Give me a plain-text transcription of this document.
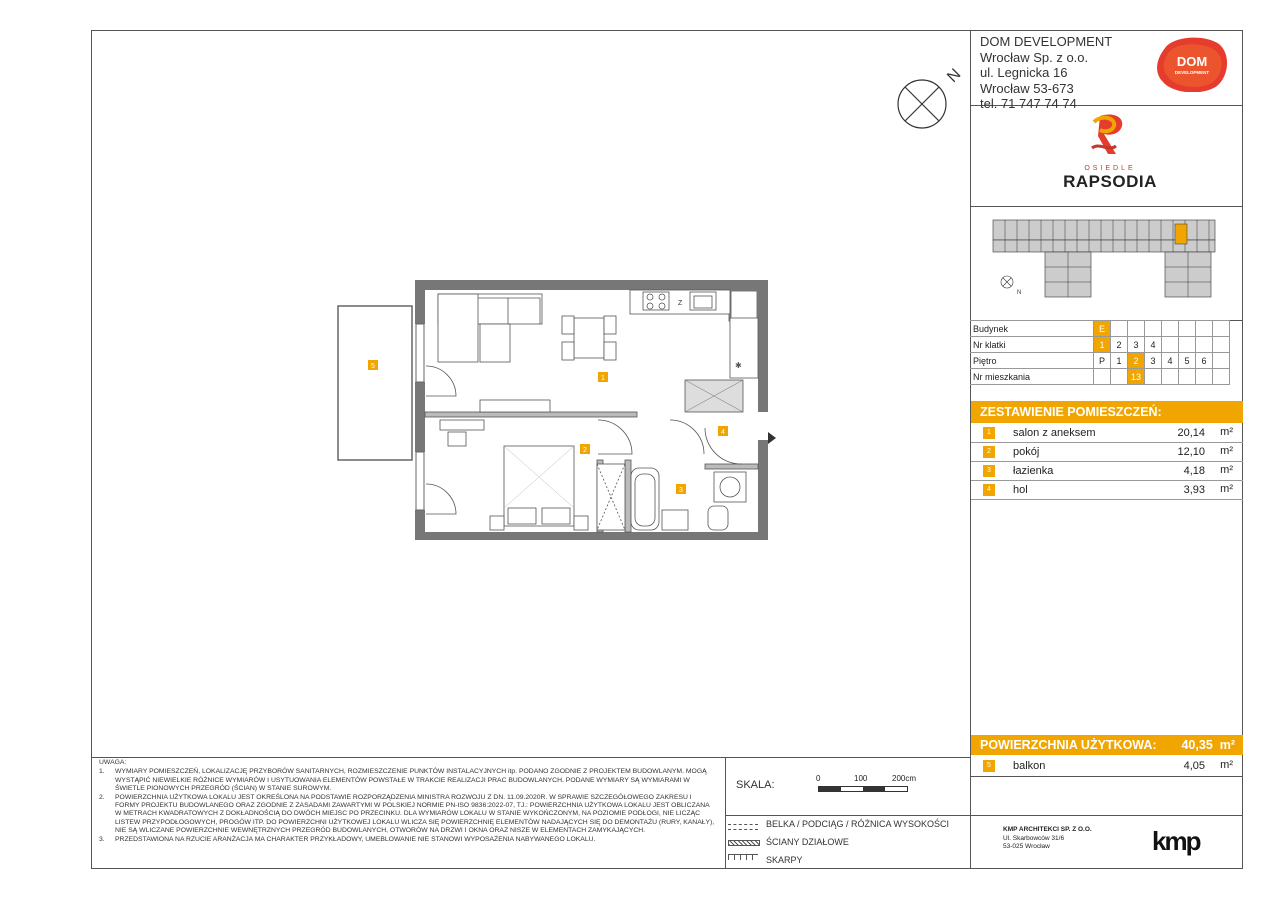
DOM DEVELOPMENT
Wrocław Sp. z o.o.
ul. Legnicka 16
Wrocław 53-673
tel. 71 747 74 74
DOM
DEVELOPMENT
OSIEDLE
RAPSODIA
N
Budynek	E							
Nr klatki	1	2	3	4				
Piętro	P	1	2	3	4	5	6	
Nr mieszkania			13					
ZESTAWIENIE POMIESZCZEŃ:
1	salon z aneksem	20,14 m²
2	pokój	12,10 m²
3	łazienka	4,18 m²
4	hol	3,93 m²
POWIERZCHNIA UŻYTKOWA: 40,35 m²
5	balkon	4,05 m²
N
Z
✱
5
1
2
3
4
UWAGA:
1.	WYMIARY POMIESZCZEŃ, LOKALIZACJĘ PRZYBORÓW SANITARNYCH, ROZMIESZCZENIE PUNKTÓW INSTALACYJNYCH itp. PODANO ZGODNIE Z PROJEKTEM BUDOWLANYM. MOGĄ WYSTĄPIĆ NIEWIELKIE RÓŻNICE WYMIARÓW I USYTUOWANIA ELEMENTÓW POWSTAŁE W TRAKCIE REALIZACJI PRAC BUDOWLANYCH. PODANE WYMIARY SĄ WYMIARAMI W ŚWIETLE PIONOWYCH PRZEGRÓD (ŚCIAN) W STANIE SUROWYM.
2.	POWIERZCHNIA UŻYTKOWA LOKALU JEST OKREŚLONA NA PODSTAWIE ROZPORZĄDZENIA MINISTRA ROZWOJU Z DN. 11.09.2020R. W SPRAWIE SZCZEGÓŁOWEGO ZAKRESU I FORMY PROJEKTU BUDOWLANEGO ORAZ ZGODNIE Z ZASADAMI ZAWARTYMI W POLSKIEJ NORMIE PN-ISO 9836:2022-07, TJ.: POWIERZCHNIA UŻYTKOWA LOKALU JEST OBLICZANA W METRACH KWADRATOWYCH Z DOKŁADNOŚCIĄ DO DWÓCH MIEJSC PO PRZECINKU. DLA WYMIARÓW LOKALU W STANIE WYKOŃCZONYM, NA POZIOMIE PODŁOGI, NIE LICZĄC LISTEW PRZYPODŁOGOWYCH, PROGÓW ITP. DO POWIERZCHNI UŻYTKOWEJ LOKALU WLICZA SIĘ POWIERZCHNIĘ ELEMENTÓW NADAJĄCYCH SIĘ DO DEMONTAŻU (RURY, KANAŁY), NIE SĄ WLICZANE POWIERZCHNIE WEWNĘTRZNYCH PRZEGRÓD BUDOWLANYCH, OTWORÓW NA DRZWI I OKNA ORAZ NISZE W ELEMENTACH ZAMYKAJĄCYCH.
3.	PRZEDSTAWIONA NA RZUCIE ARANŻACJA MA CHARAKTER PRZYKŁADOWY, UMEBLOWANIE NIE STANOWI WYPOSAŻENIA NABYWANEGO LOKALU.
SKALA:
0	100	200cm
BELKA / PODCIĄG / RÓŻNICA WYSOKOŚCI
ŚCIANY DZIAŁOWE
SKARPY
KMP ARCHITEKCI SP. Z O.O.
Ul. Skarbowców 31/6
53-025 Wrocław	kmp
